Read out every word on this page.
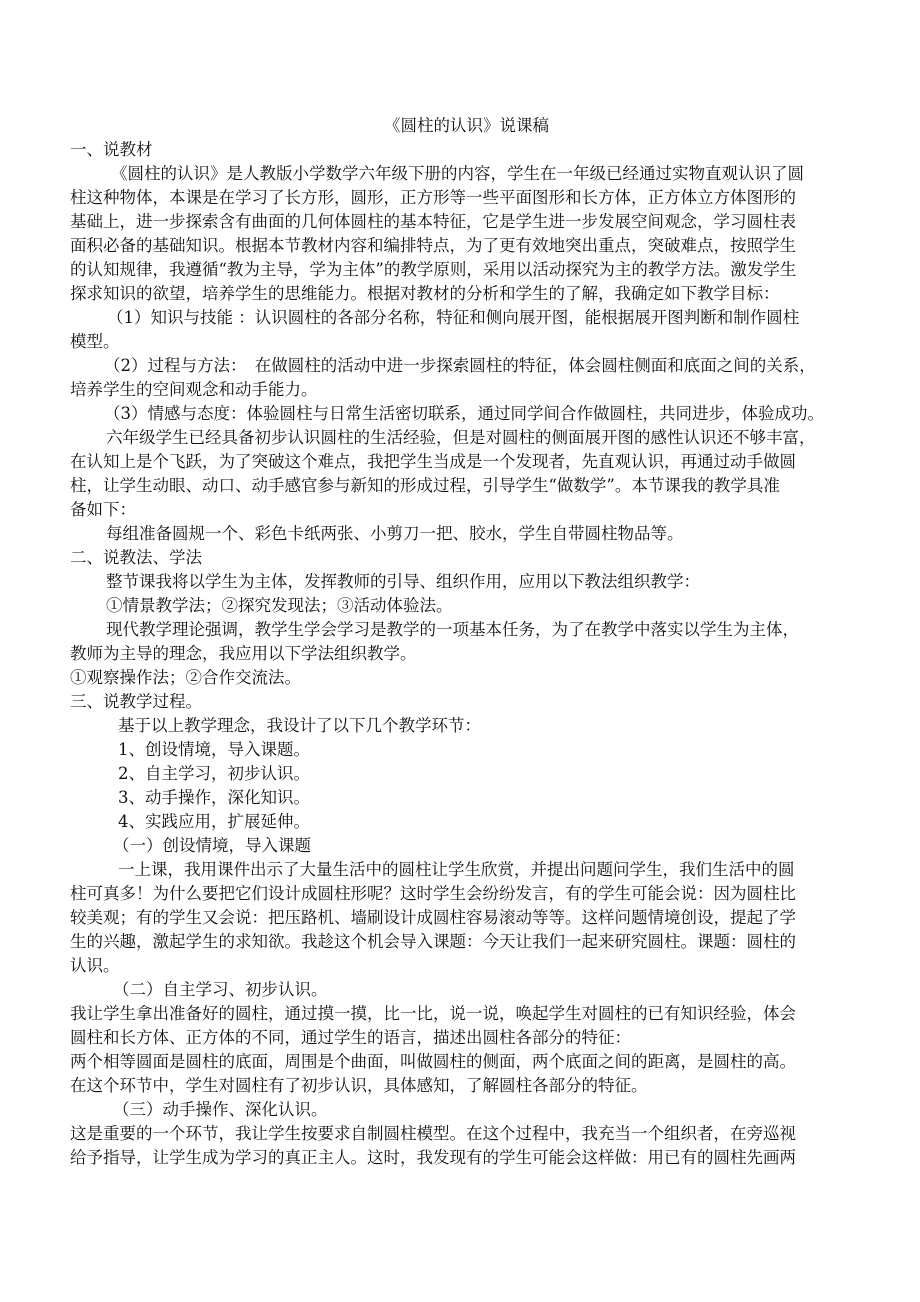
《圆柱的认识》说课稿
一、说教材
《圆柱的认识》是人教版小学数学六年级下册的内容，学生在一年级已经通过实物直观认识了圆
柱这种物体，本课是在学习了长方形，圆形，正方形等一些平面图形和长方体，正方体立方体图形的
基础上，进一步探索含有曲面的几何体圆柱的基本特征，它是学生进一步发展空间观念，学习圆柱表
面积必备的基础知识。根据本节教材内容和编排特点，为了更有效地突出重点，突破难点，按照学生
的认知规律，我遵循“教为主导，学为主体”的教学原则，采用以活动探究为主的教学方法。激发学生
探求知识的欲望，培养学生的思维能力。根据对教材的分析和学生的了解，我确定如下教学目标：
（1）知识与技能 ：认识圆柱的各部分名称，特征和侧向展开图，能根据展开图判断和制作圆柱
模型。
（2）过程与方法：　在做圆柱的活动中进一步探索圆柱的特征，体会圆柱侧面和底面之间的关系，
培养学生的空间观念和动手能力。
（3）情感与态度：体验圆柱与日常生活密切联系，通过同学间合作做圆柱，共同进步，体验成功。
六年级学生已经具备初步认识圆柱的生活经验，但是对圆柱的侧面展开图的感性认识还不够丰富，
在认知上是个飞跃，为了突破这个难点，我把学生当成是一个发现者，先直观认识，再通过动手做圆
柱，让学生动眼、动口、动手感官参与新知的形成过程，引导学生“做数学”。本节课我的教学具准
备如下：
每组准备圆规一个、彩色卡纸两张、小剪刀一把、胶水，学生自带圆柱物品等。
二、说教法、学法
整节课我将以学生为主体，发挥教师的引导、组织作用，应用以下教法组织教学：
①情景教学法；②探究发现法；③活动体验法。
现代教学理论强调，教学生学会学习是教学的一项基本任务，为了在教学中落实以学生为主体，
教师为主导的理念，我应用以下学法组织教学。
①观察操作法；②合作交流法。
三、说教学过程。
基于以上教学理念，我设计了以下几个教学环节：
1、创设情境，导入课题。
2、自主学习，初步认识。
3、动手操作，深化知识。
4、实践应用，扩展延伸。
（一）创设情境，导入课题
一上课，我用课件出示了大量生活中的圆柱让学生欣赏，并提出问题问学生，我们生活中的圆
柱可真多！为什么要把它们设计成圆柱形呢？这时学生会纷纷发言，有的学生可能会说：因为圆柱比
较美观；有的学生又会说：把压路机、墙刷设计成圆柱容易滚动等等。这样问题情境创设，提起了学
生的兴趣，激起学生的求知欲。我趁这个机会导入课题：今天让我们一起来研究圆柱。课题：圆柱的
认识。
（二）自主学习、初步认识。
我让学生拿出准备好的圆柱，通过摸一摸，比一比，说一说，唤起学生对圆柱的已有知识经验，体会
圆柱和长方体、正方体的不同，通过学生的语言，描述出圆柱各部分的特征：
两个相等圆面是圆柱的底面，周围是个曲面，叫做圆柱的侧面，两个底面之间的距离，是圆柱的高。
在这个环节中，学生对圆柱有了初步认识，具体感知，了解圆柱各部分的特征。
（三）动手操作、深化认识。
这是重要的一个环节，我让学生按要求自制圆柱模型。在这个过程中，我充当一个组织者，在旁巡视
给予指导，让学生成为学习的真正主人。这时，我发现有的学生可能会这样做：用已有的圆柱先画两
